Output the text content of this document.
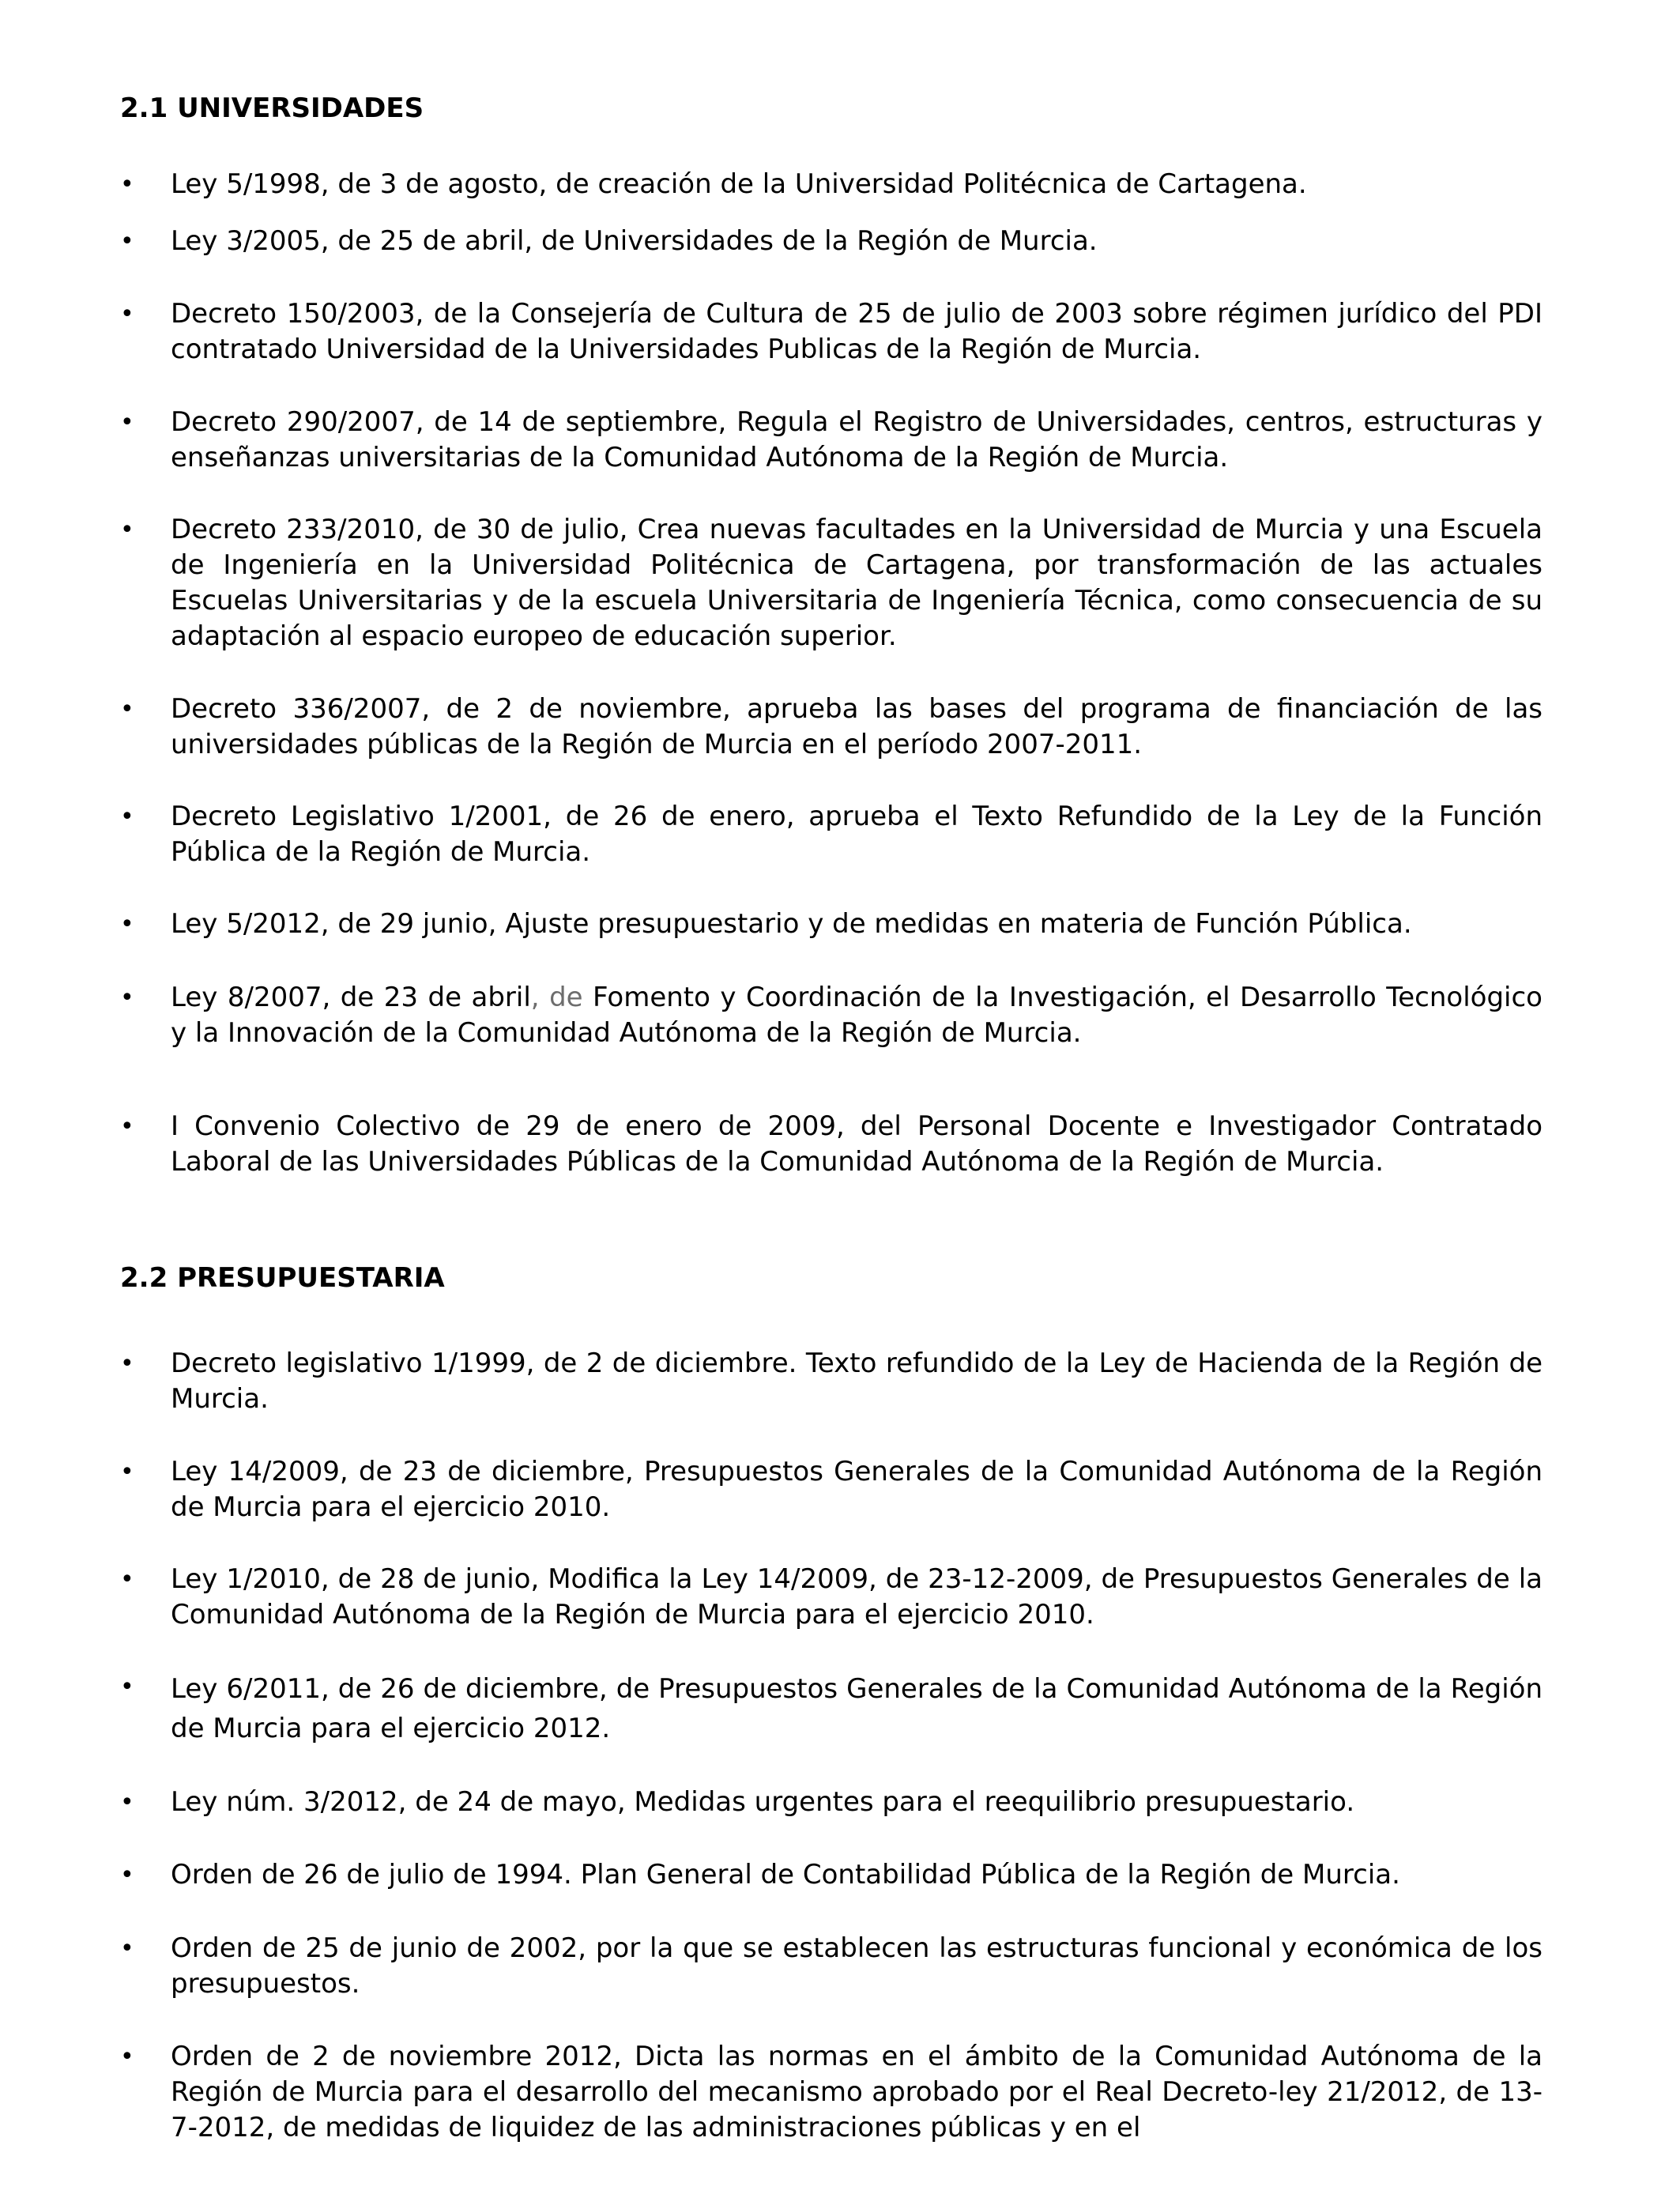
2.1 UNIVERSIDADES
• Ley 5/1998, de 3 de agosto, de creación de la Universidad Politécnica de Cartagena.
• Ley 3/2005, de 25 de abril, de Universidades de la Región de Murcia.
• Decreto 150/2003, de la Consejería de Cultura de 25 de julio de 2003 sobre régimen jurídico del PDI contratado Universidad de la Universidades Publicas de la Región de Murcia.
• Decreto 290/2007, de 14 de septiembre, Regula el Registro de Universidades, centros, estructuras y enseñanzas universitarias de la Comunidad Autónoma de la Región de Murcia.
• Decreto 233/2010, de 30 de julio, Crea nuevas facultades en la Universidad de Murcia y una Escuela de Ingeniería en la Universidad Politécnica de Cartagena, por transformación de las actuales Escuelas Universitarias y de la escuela Universitaria de Ingeniería Técnica, como consecuencia de su adaptación al espacio europeo de educación superior.
• Decreto 336/2007, de 2 de noviembre, aprueba las bases del programa de financiación de las universidades públicas de la Región de Murcia en el período 2007-2011.
• Decreto Legislativo 1/2001, de 26 de enero, aprueba el Texto Refundido de la Ley de la Función Pública de la Región de Murcia.
• Ley 5/2012, de 29 junio, Ajuste presupuestario y de medidas en materia de Función Pública.
• Ley 8/2007, de 23 de abril, de Fomento y Coordinación de la Investigación, el Desarrollo Tecnológico y la Innovación de la Comunidad Autónoma de la Región de Murcia.
• I Convenio Colectivo de 29 de enero de 2009, del Personal Docente e Investigador Contratado Laboral de las Universidades Públicas de la Comunidad Autónoma de la Región de Murcia.
2.2 PRESUPUESTARIA
• Decreto legislativo 1/1999, de 2 de diciembre. Texto refundido de la Ley de Hacienda de la Región de Murcia.
• Ley 14/2009, de 23 de diciembre, Presupuestos Generales de la Comunidad Autónoma de la Región de Murcia para el ejercicio 2010.
• Ley 1/2010, de 28 de junio, Modifica la Ley 14/2009, de 23-12-2009, de Presupuestos Generales de la Comunidad Autónoma de la Región de Murcia para el ejercicio 2010.
• Ley 6/2011, de 26 de diciembre, de Presupuestos Generales de la Comunidad Autónoma de la Región de Murcia para el ejercicio 2012.
• Ley núm. 3/2012, de 24 de mayo, Medidas urgentes para el reequilibrio presupuestario.
• Orden de 26 de julio de 1994. Plan General de Contabilidad Pública de la Región de Murcia.
• Orden de 25 de junio de 2002, por la que se establecen las estructuras funcional y económica de los presupuestos.
• Orden de 2 de noviembre 2012, Dicta las normas en el ámbito de la Comunidad Autónoma de la Región de Murcia para el desarrollo del mecanismo aprobado por el Real Decreto-ley 21/2012, de 13-7-2012, de medidas de liquidez de las administraciones públicas y en el
